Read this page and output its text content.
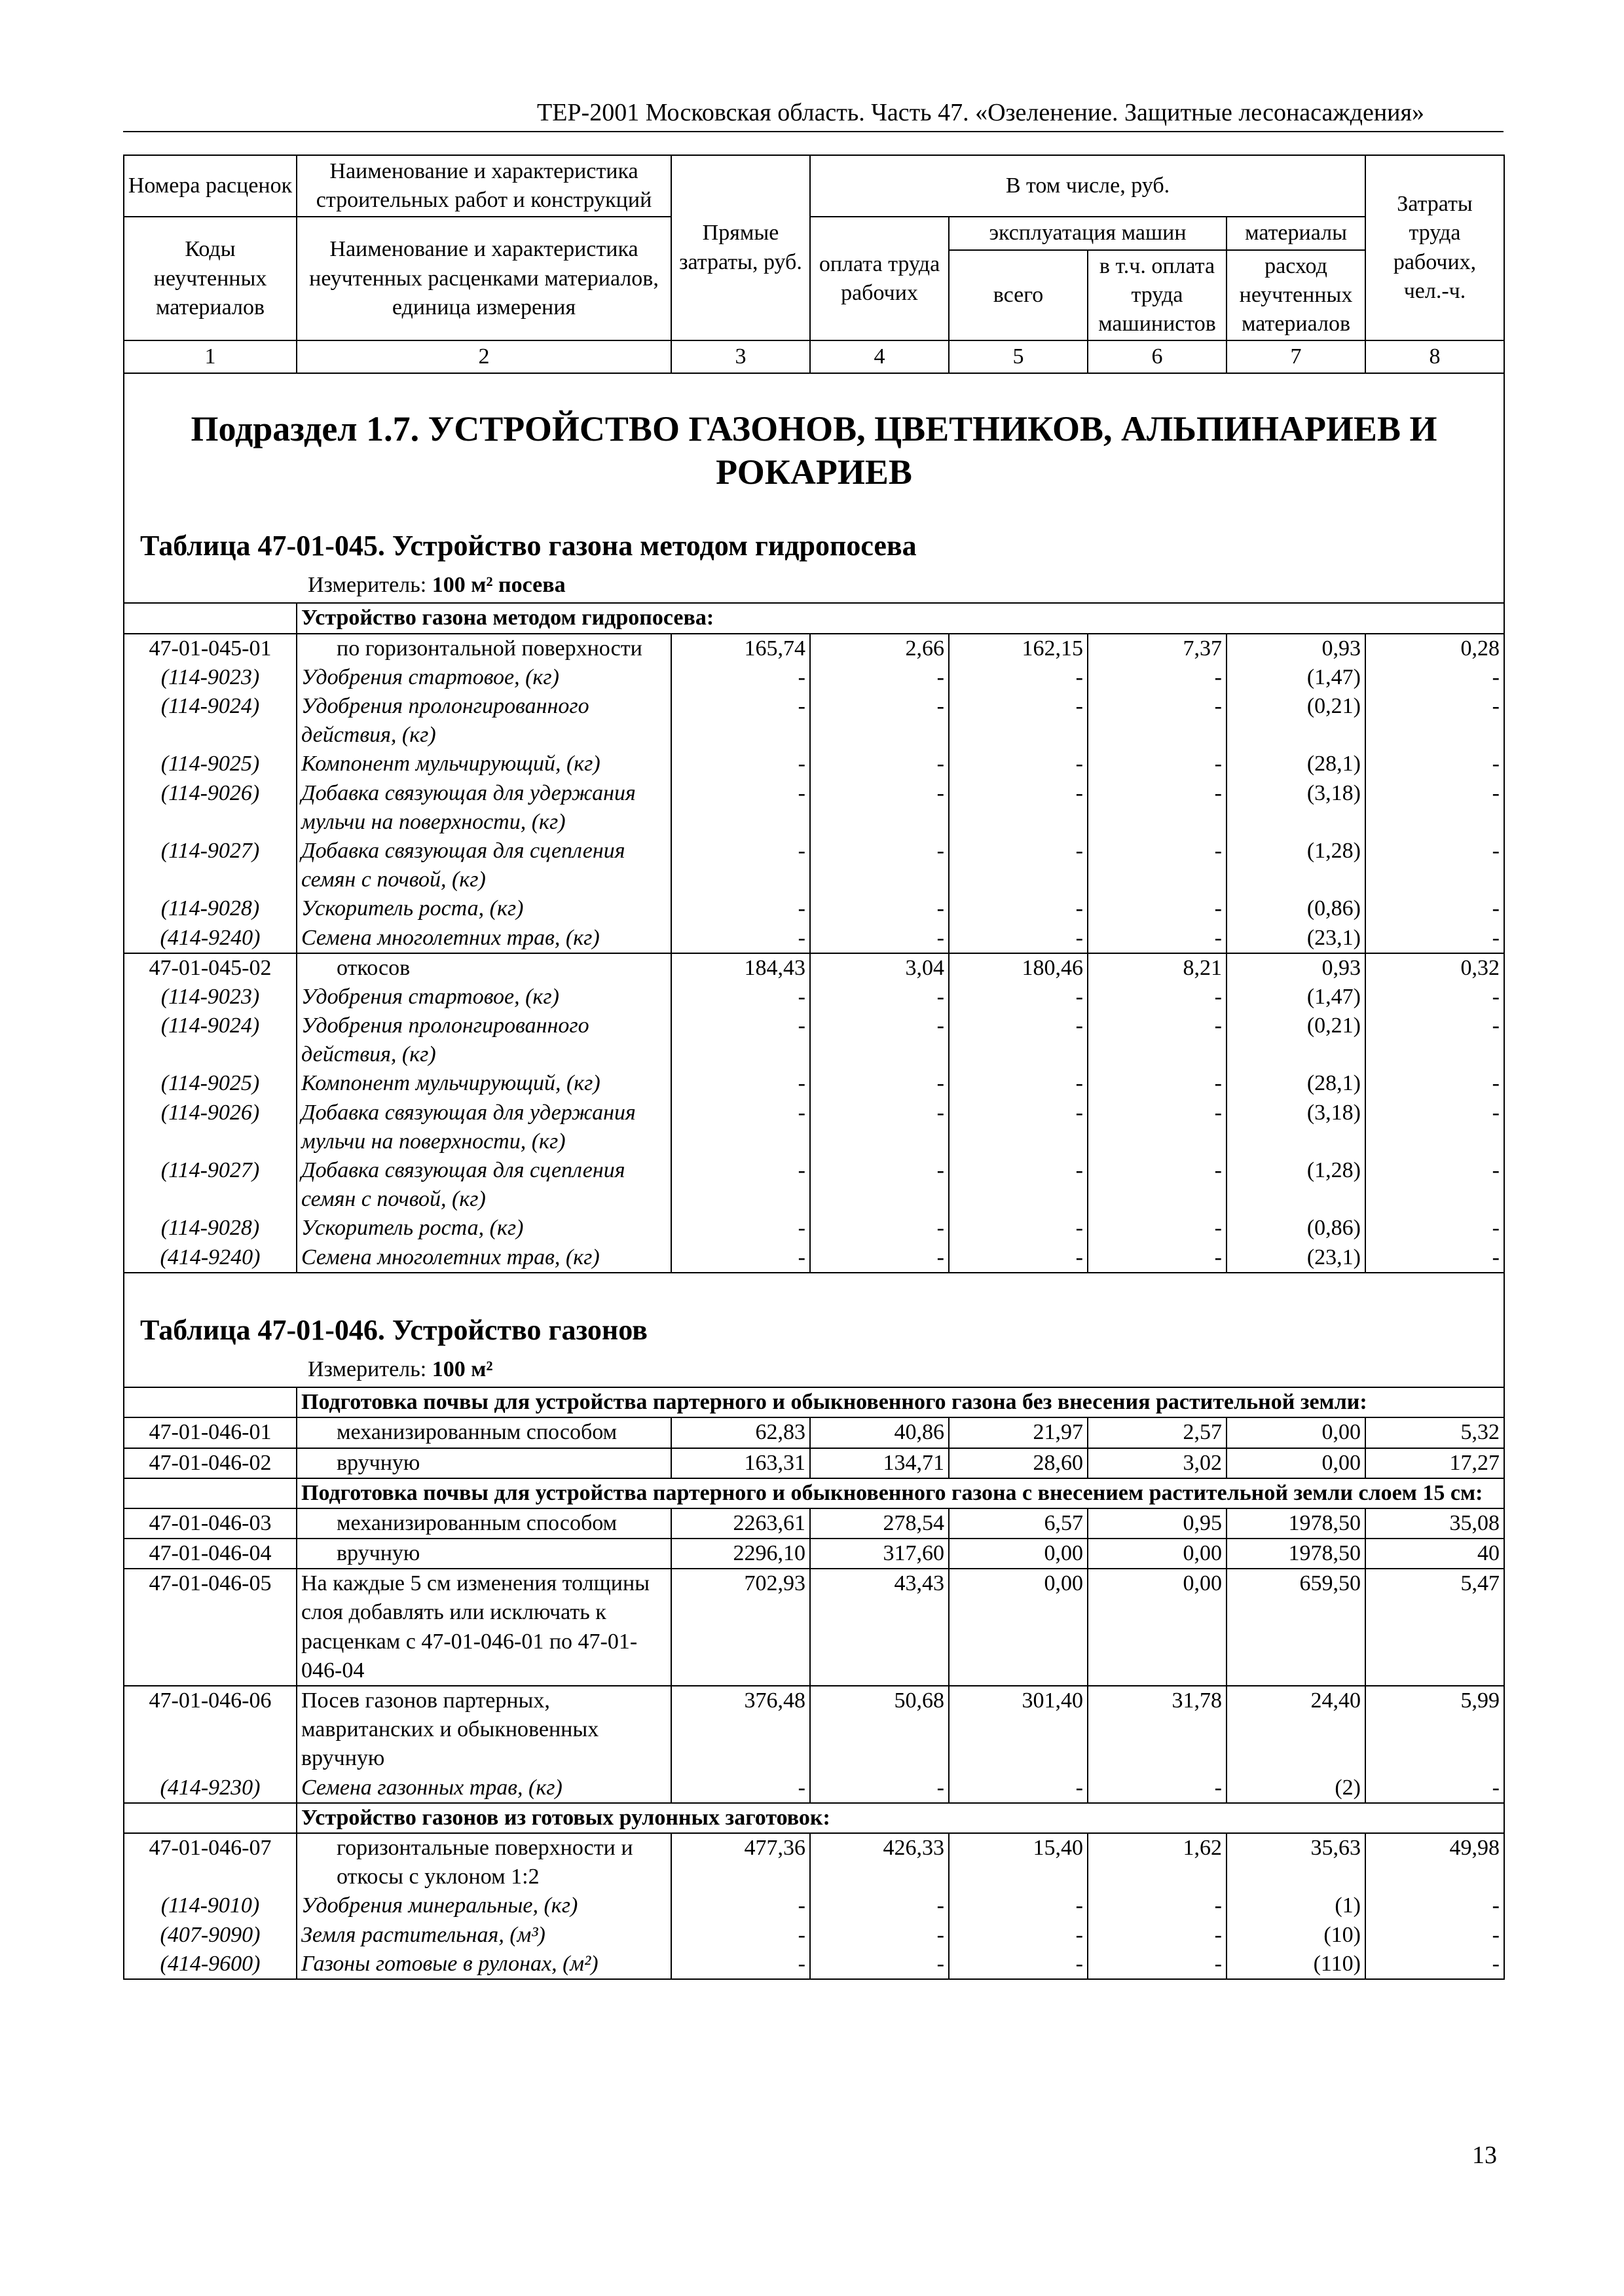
ТЕР-2001 Московская область. Часть 47. «Озеленение. Защитные лесонасаждения»
Номера расценок	Наименование и характеристика строительных работ и конструкций	Прямые затраты, руб.	В том числе, руб.				Затраты труда рабочих, чел.-ч.
Коды неучтенных материалов	Наименование и характеристика неучтенных расценками материалов, единица измерения		оплата труда рабочих	эксплуатация машин		материалы	
				всего	в т.ч. оплата труда машинистов	расход неучтенных материалов	
1	2	3	4	5	6	7	8
Подраздел 1.7. УСТРОЙСТВО ГАЗОНОВ, ЦВЕТНИКОВ, АЛЬПИНАРИЕВ И РОКАРИЕВ							
Таблица 47-01-045. Устройство газона методом гидропосева							
Измеритель: 100 м² посева							
	Устройство газона методом гидропосева:						
47-01-045-01	по горизонтальной поверхности	165,74	2,66	162,15	7,37	0,93	0,28
(114-9023)	Удобрения стартовое, (кг)	-	-	-	-	(1,47)	-
(114-9024)	Удобрения пролонгированного действия, (кг)	-	-	-	-	(0,21)	-
(114-9025)	Компонент мульчирующий, (кг)	-	-	-	-	(28,1)	-
(114-9026)	Добавка связующая для удержания мульчи на поверхности, (кг)	-	-	-	-	(3,18)	-
(114-9027)	Добавка связующая для сцепления семян с почвой, (кг)	-	-	-	-	(1,28)	-
(114-9028)	Ускоритель роста, (кг)	-	-	-	-	(0,86)	-
(414-9240)	Семена многолетних трав, (кг)	-	-	-	-	(23,1)	-
47-01-045-02	откосов	184,43	3,04	180,46	8,21	0,93	0,32
(114-9023)	Удобрения стартовое, (кг)	-	-	-	-	(1,47)	-
(114-9024)	Удобрения пролонгированного действия, (кг)	-	-	-	-	(0,21)	-
(114-9025)	Компонент мульчирующий, (кг)	-	-	-	-	(28,1)	-
(114-9026)	Добавка связующая для удержания мульчи на поверхности, (кг)	-	-	-	-	(3,18)	-
(114-9027)	Добавка связующая для сцепления семян с почвой, (кг)	-	-	-	-	(1,28)	-
(114-9028)	Ускоритель роста, (кг)	-	-	-	-	(0,86)	-
(414-9240)	Семена многолетних трав, (кг)	-	-	-	-	(23,1)	-

Таблица 47-01-046. Устройство газонов							
Измеритель: 100 м²							
	Подготовка почвы для устройства партерного и обыкновенного газона без внесения растительной земли:						
47-01-046-01	механизированным способом	62,83	40,86	21,97	2,57	0,00	5,32
47-01-046-02	вручную	163,31	134,71	28,60	3,02	0,00	17,27
	Подготовка почвы для устройства партерного и обыкновенного газона с внесением растительной земли слоем 15 см:						
47-01-046-03	механизированным способом	2263,61	278,54	6,57	0,95	1978,50	35,08
47-01-046-04	вручную	2296,10	317,60	0,00	0,00	1978,50	40
47-01-046-05	На каждые 5 см изменения толщины слоя добавлять или исключать к расценкам с 47-01-046-01 по 47-01-046-04	702,93	43,43	0,00	0,00	659,50	5,47
47-01-046-06	Посев газонов партерных, мавританских и обыкновенных вручную	376,48	50,68	301,40	31,78	24,40	5,99
(414-9230)	Семена газонных трав, (кг)	-	-	-	-	(2)	-
	Устройство газонов из готовых рулонных заготовок:						
47-01-046-07	горизонтальные поверхности и откосы с уклоном 1:2	477,36	426,33	15,40	1,62	35,63	49,98
(114-9010)	Удобрения минеральные, (кг)	-	-	-	-	(1)	-
(407-9090)	Земля растительная, (м³)	-	-	-	-	(10)	-
(414-9600)	Газоны готовые в рулонах, (м²)	-	-	-	-	(110)	-
13
